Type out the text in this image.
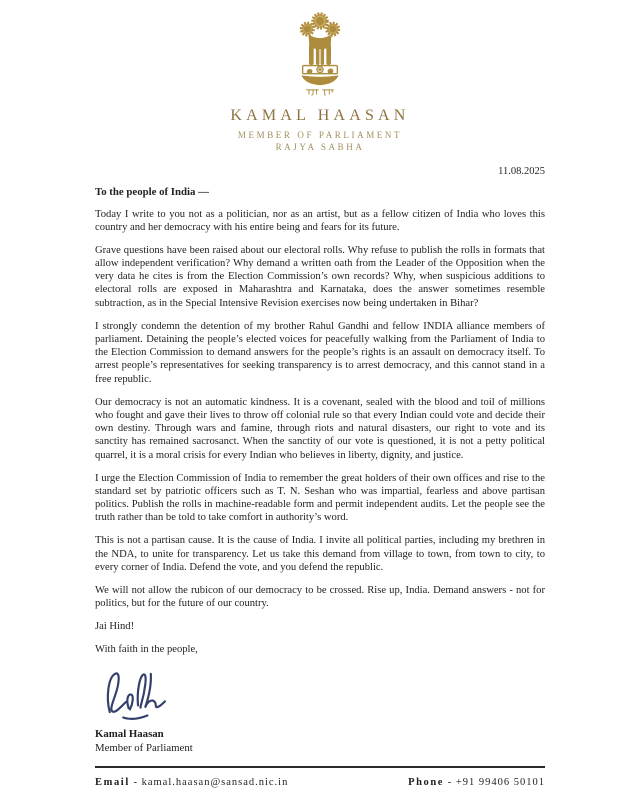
KAMAL HAASAN
MEMBER OF PARLIAMENT
RAJYA SABHA
11.08.2025
To the people of India —

Today I write to you not as a politician, nor as an artist, but as a fellow citizen of India who loves this country and her democracy with his entire being and fears for its future.

Grave questions have been raised about our electoral rolls. Why refuse to publish the rolls in formats that allow independent verification? Why demand a written oath from the Leader of the Opposition when the very data he cites is from the Election Commission’s own records? Why, when suspicious additions to electoral rolls are exposed in Maharashtra and Karnataka, does the answer sometimes resemble subtraction, as in the Special Intensive Revision exercises now being undertaken in Bihar?

I strongly condemn the detention of my brother Rahul Gandhi and fellow INDIA alliance members of parliament. Detaining the people’s elected voices for peacefully walking from the Parliament of India to the Election Commission to demand answers for the people’s rights is an assault on democracy itself. To arrest people’s representatives for seeking transparency is to arrest democracy, and this cannot stand in a free republic.

Our democracy is not an automatic kindness. It is a covenant, sealed with the blood and toil of millions who fought and gave their lives to throw off colonial rule so that every Indian could vote and decide their own destiny. Through wars and famine, through riots and natural disasters, our right to vote and its sanctity has remained sacrosanct. When the sanctity of our vote is questioned, it is not a petty political quarrel, it is a moral crisis for every Indian who believes in liberty, dignity, and justice.

I urge the Election Commission of India to remember the great holders of their own offices and rise to the standard set by patriotic officers such as T. N. Seshan who was impartial, fearless and above partisan politics. Publish the rolls in machine-readable form and permit independent audits. Let the people see the truth rather than be told to take comfort in authority’s word.

This is not a partisan cause. It is the cause of India. I invite all political parties, including my brethren in the NDA, to unite for transparency. Let us take this demand from village to town, from town to city, to every corner of India. Defend the vote, and you defend the republic.

We will not allow the rubicon of our democracy to be crossed. Rise up, India. Demand answers - not for politics, but for the future of our country.

Jai Hind!

With faith in the people,

Kamal Haasan
Member of Parliament
Email - kamal.haasan@sansad.nic.in	Phone - +91 99406 50101
